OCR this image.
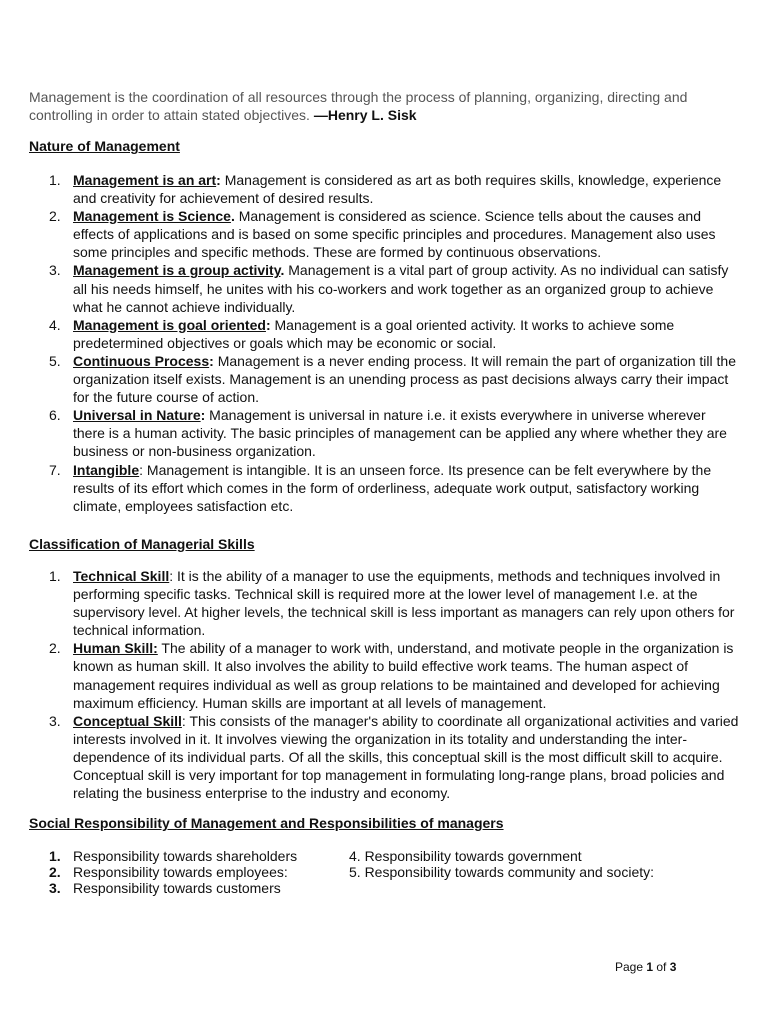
Management is the coordination of all resources through the process of planning, organizing, directing and controlling in order to attain stated objectives. —Henry L. Sisk

Nature of Management
1. Management is an art: Management is considered as art as both requires skills, knowledge, experience and creativity for achievement of desired results.
2. Management is Science. Management is considered as science. Science tells about the causes and effects of applications and is based on some specific principles and procedures. Management also uses some principles and specific methods. These are formed by continuous observations.
3. Management is a group activity. Management is a vital part of group activity. As no individual can satisfy all his needs himself, he unites with his co-workers and work together as an organized group to achieve what he cannot achieve individually.
4. Management is goal oriented: Management is a goal oriented activity. It works to achieve some predetermined objectives or goals which may be economic or social.
5. Continuous Process: Management is a never ending process. It will remain the part of organization till the organization itself exists. Management is an unending process as past decisions always carry their impact for the future course of action.
6. Universal in Nature: Management is universal in nature i.e. it exists everywhere in universe wherever there is a human activity. The basic principles of management can be applied any where whether they are business or non-business organization.
7. Intangible: Management is intangible. It is an unseen force. Its presence can be felt everywhere by the results of its effort which comes in the form of orderliness, adequate work output, satisfactory working climate, employees satisfaction etc.
Classification of Managerial Skills
1. Technical Skill: It is the ability of a manager to use the equipments, methods and techniques involved in performing specific tasks. Technical skill is required more at the lower level of management I.e. at the supervisory level. At higher levels, the technical skill is less important as managers can rely upon others for technical information.
2. Human Skill: The ability of a manager to work with, understand, and motivate people in the organization is known as human skill. It also involves the ability to build effective work teams. The human aspect of management requires individual as well as group relations to be maintained and developed for achieving maximum efficiency. Human skills are important at all levels of management.
3. Conceptual Skill: This consists of the manager's ability to coordinate all organizational activities and varied interests involved in it. It involves viewing the organization in its totality and understanding the inter-dependence of its individual parts. Of all the skills, this conceptual skill is the most difficult skill to acquire. Conceptual skill is very important for top management in formulating long-range plans, broad policies and relating the business enterprise to the industry and economy.
Social Responsibility of Management and Responsibilities of managers
1. Responsibility towards shareholders
2. Responsibility towards employees:
3. Responsibility towards customers
4. Responsibility towards government
5. Responsibility towards community and society:
Page 1 of 3
